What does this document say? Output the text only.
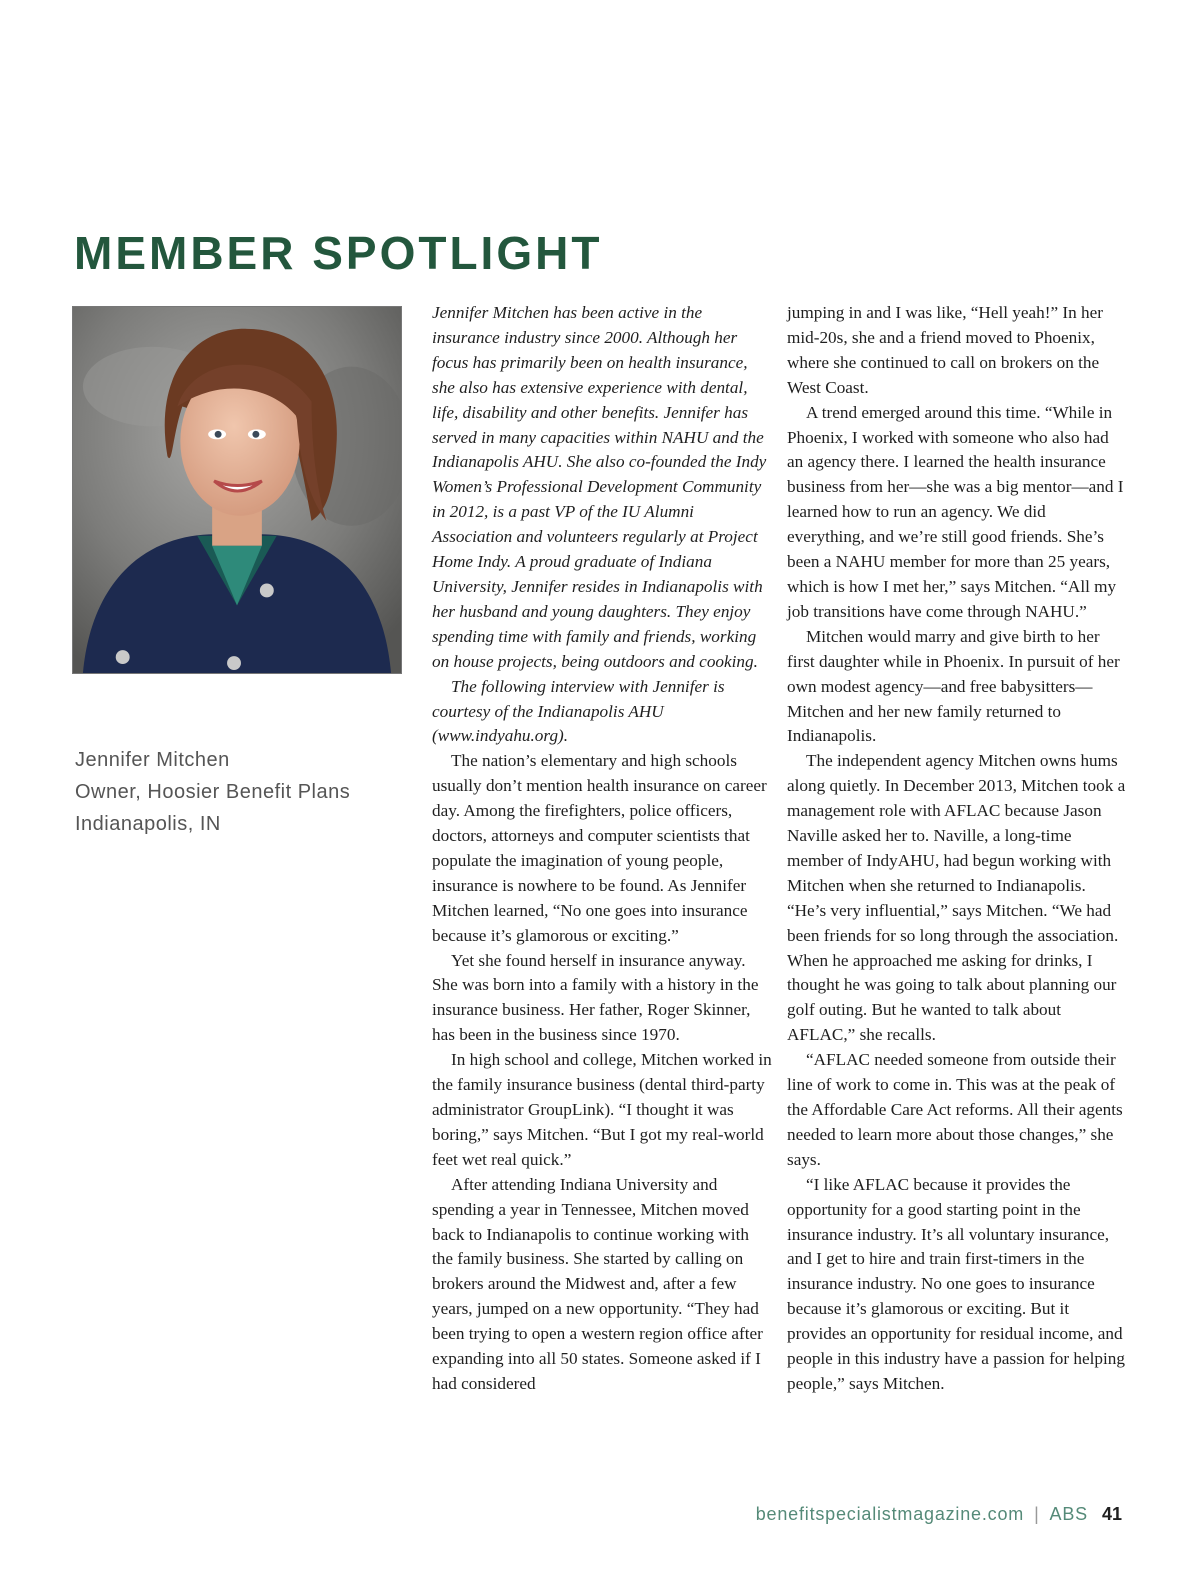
MEMBER SPOTLIGHT
Jennifer Mitchen
Owner, Hoosier Benefit Plans
Indianapolis, IN

Jennifer Mitchen has been active in the insurance industry since 2000. Although her focus has primarily been on health insurance, she also has extensive experience with dental, life, disability and other benefits. Jennifer has served in many capacities within NAHU and the Indianapolis AHU. She also co-founded the Indy Women’s Professional Development Community in 2012, is a past VP of the IU Alumni Association and volunteers regularly at Project Home Indy. A proud graduate of Indiana University, Jennifer resides in Indianapolis with her husband and young daughters. They enjoy spending time with family and friends, working on house projects, being outdoors and cooking.

The following interview with Jennifer is courtesy of the Indianapolis AHU (www.indyahu.org).

The nation’s elementary and high schools usually don’t mention health insurance on career day. Among the firefighters, police officers, doctors, attorneys and computer scientists that populate the imagination of young people, insurance is nowhere to be found. As Jennifer Mitchen learned, “No one goes into insurance because it’s glamorous or exciting.”

Yet she found herself in insurance anyway. She was born into a family with a history in the insurance business. Her father, Roger Skinner, has been in the business since 1970.

In high school and college, Mitchen worked in the family insurance business (dental third-party administrator GroupLink). “I thought it was boring,” says Mitchen. “But I got my real-world feet wet real quick.”

After attending Indiana University and spending a year in Tennessee, Mitchen moved back to Indianapolis to continue working with the family business. She started by calling on brokers around the Midwest and, after a few years, jumped on a new opportunity. “They had been trying to open a western region office after expanding into all 50 states. Someone asked if I had considered

jumping in and I was like, “Hell yeah!” In her mid-20s, she and a friend moved to Phoenix, where she continued to call on brokers on the West Coast.

A trend emerged around this time. “While in Phoenix, I worked with someone who also had an agency there. I learned the health insurance business from her—she was a big mentor—and I learned how to run an agency. We did everything, and we’re still good friends. She’s been a NAHU member for more than 25 years, which is how I met her,” says Mitchen. “All my job transitions have come through NAHU.”

Mitchen would marry and give birth to her first daughter while in Phoenix. In pursuit of her own modest agency—and free babysitters—Mitchen and her new family returned to Indianapolis.

The independent agency Mitchen owns hums along quietly. In December 2013, Mitchen took a management role with AFLAC because Jason Naville asked her to. Naville, a long-time member of IndyAHU, had begun working with Mitchen when she returned to Indianapolis. “He’s very influential,” says Mitchen. “We had been friends for so long through the association. When he approached me asking for drinks, I thought he was going to talk about planning our golf outing. But he wanted to talk about AFLAC,” she recalls.

“AFLAC needed someone from outside their line of work to come in. This was at the peak of the Affordable Care Act reforms. All their agents needed to learn more about those changes,” she says.

“I like AFLAC because it provides the opportunity for a good starting point in the insurance industry. It’s all voluntary insurance, and I get to hire and train first-timers in the insurance industry. No one goes to insurance because it’s glamorous or exciting. But it provides an opportunity for residual income, and people in this industry have a passion for helping people,” says Mitchen.

benefitspecialistmagazine.com | ABS 41
